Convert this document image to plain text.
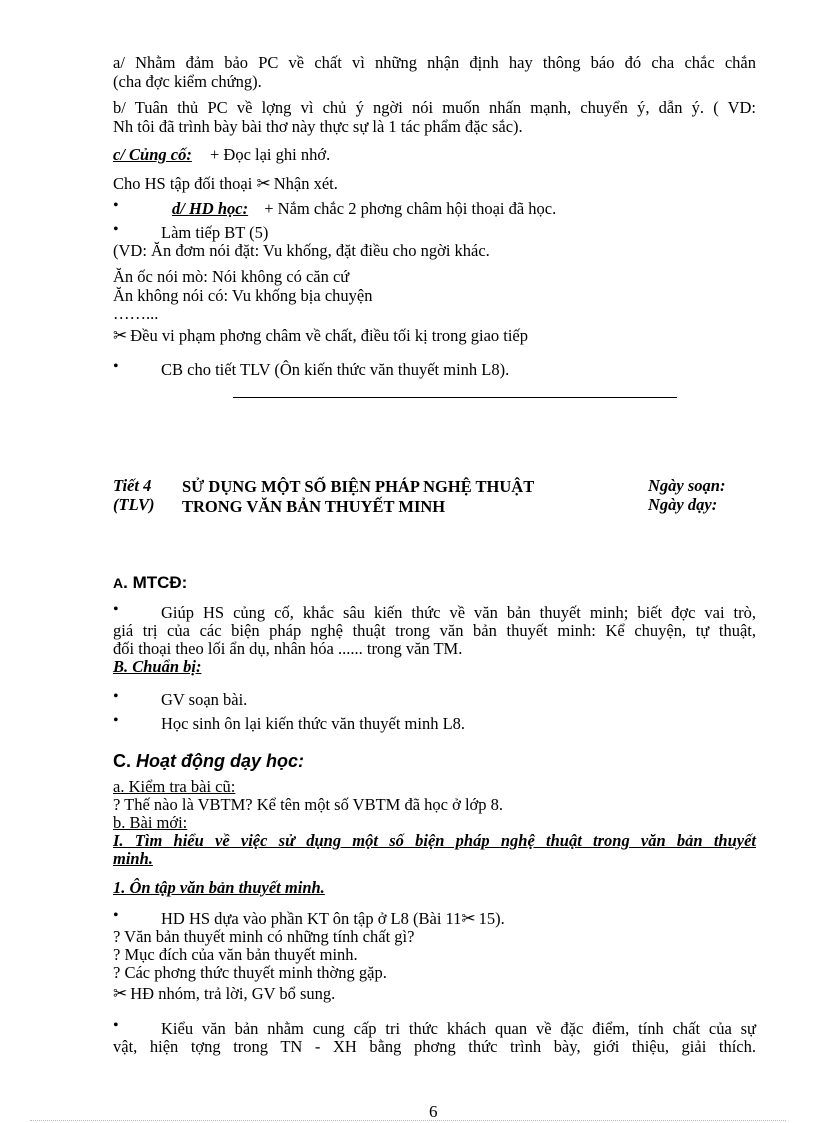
a/ Nhằm đảm bảo PC về chất vì những nhận định hay thông báo đó cha chắc chắn
(cha đợc kiểm chứng).
b/ Tuân thủ PC về lợng vì chủ ý ngời nói muốn nhấn mạnh, chuyển ý, dẫn ý. ( VD:
Nh tôi đã trình bày bài thơ này thực sự là 1 tác phẩm đặc sắc).
c/ Củng cố: + Đọc lại ghi nhớ.
Cho HS tập đối thoại ✂ Nhận xét.
•	d/ HD học: + Nắm chắc 2 phơng châm hội thoại đã học.
•	Làm tiếp BT (5)
(VD: Ăn đơm nói đặt: Vu khống, đặt điều cho ngời khác.
Ăn ốc nói mò: Nói không có căn cứ
Ăn không nói có: Vu khống bịa chuyện
……...
✂ Đều vi phạm phơng châm về chất, điều tối kị trong giao tiếp
•	CB cho tiết TLV (Ôn kiến thức văn thuyết minh L8).
Tiết 4
(TLV)
SỬ DỤNG MỘT SỐ BIỆN PHÁP NGHỆ THUẬT
TRONG VĂN BẢN THUYẾT MINH
Ngày soạn:
Ngày dạy:
A. MTCĐ:
•	Giúp HS củng cố, khắc sâu kiến thức về văn bản thuyết minh; biết đợc vai trò,
giá trị của các biện pháp nghệ thuật trong văn bản thuyết minh: Kể chuyện, tự thuật,
đối thoại theo lối ẩn dụ, nhân hóa ...... trong văn TM.
B. Chuẩn bị:
•	GV soạn bài.
•	Học sinh ôn lại kiến thức văn thuyết minh L8.
C. Hoạt động dạy học:
a. Kiểm tra bài cũ:
? Thế nào là VBTM? Kể tên một số VBTM đã học ở lớp 8.
b. Bài mới:
I. Tìm hiểu về việc sử dụng một số biện pháp nghệ thuật trong văn bản thuyết
minh.
1. Ôn tập văn bản thuyết minh.
•	HD HS dựa vào phần KT ôn tập ở L8 (Bài 11✂ 15).
? Văn bản thuyết minh có những tính chất gì?
? Mục đích của văn bản thuyết minh.
? Các phơng thức thuyết minh thờng gặp.
✂ HĐ nhóm, trả lời, GV bổ sung.
•	Kiểu văn bản nhằm cung cấp tri thức khách quan về đặc điểm, tính chất của sự
vật, hiện tợng trong TN - XH bằng phơng thức trình bày, giới thiệu, giải thích.
6
